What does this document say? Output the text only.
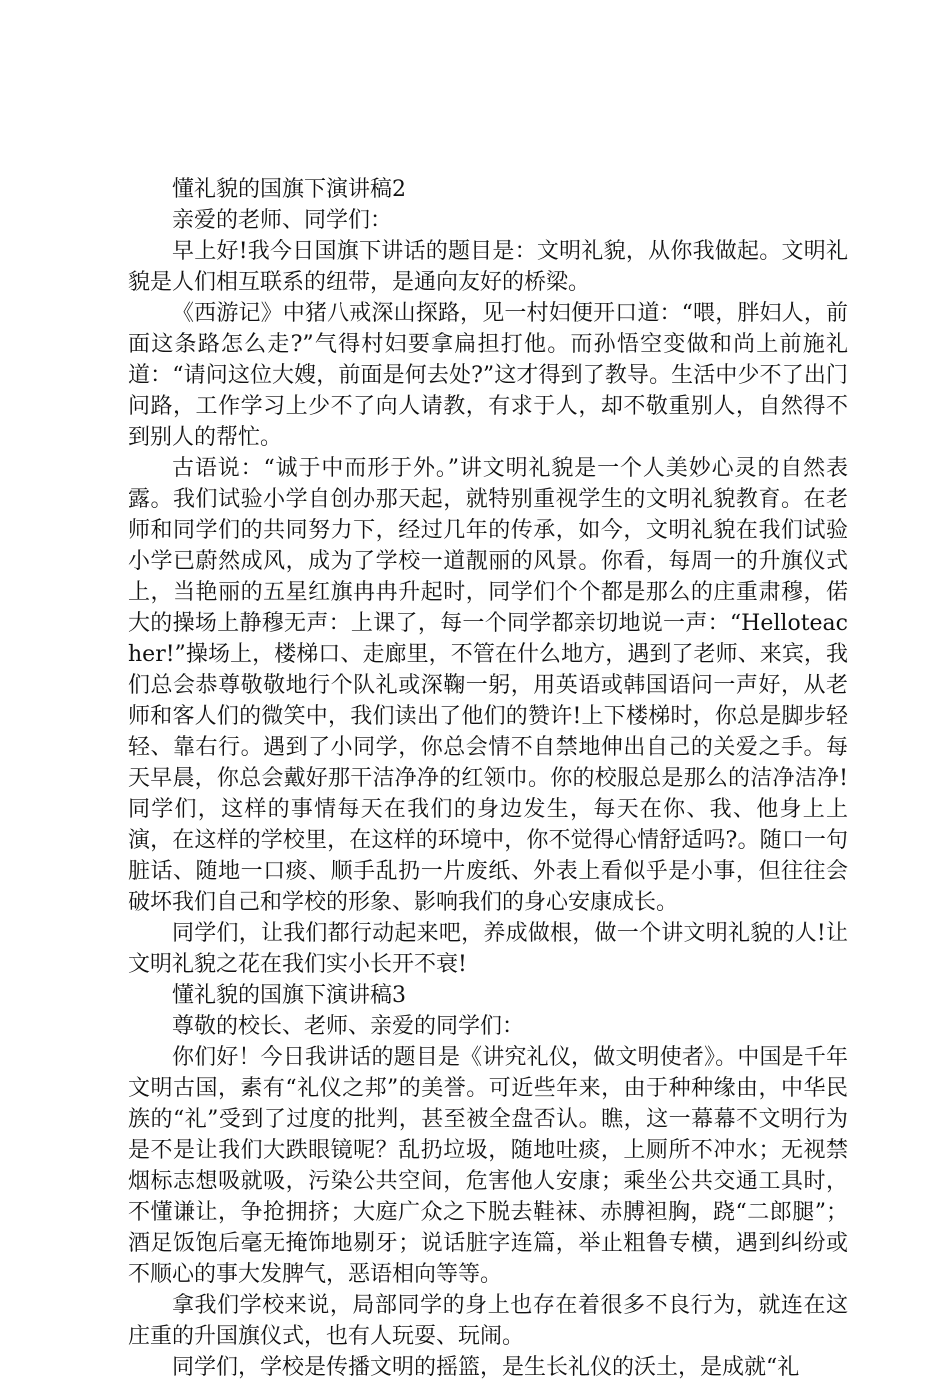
懂礼貌的国旗下演讲稿2

亲爱的老师、同学们：

早上好!我今日国旗下讲话的题目是：文明礼貌，从你我做起。文明礼貌是人们相互联系的纽带，是通向友好的桥梁。

《西游记》中猪八戒深山探路，见一村妇便开口道：“喂，胖妇人，前面这条路怎么走?”气得村妇要拿扁担打他。而孙悟空变做和尚上前施礼道：“请问这位大嫂，前面是何去处?”这才得到了教导。生活中少不了出门问路，工作学习上少不了向人请教，有求于人，却不敬重别人，自然得不到别人的帮忙。

古语说：“诚于中而形于外。”讲文明礼貌是一个人美妙心灵的自然表露。我们试验小学自创办那天起，就特别重视学生的文明礼貌教育。在老师和同学们的共同努力下，经过几年的传承，如今，文明礼貌在我们试验小学已蔚然成风，成为了学校一道靓丽的风景。你看，每周一的升旗仪式上，当艳丽的五星红旗冉冉升起时，同学们个个都是那么的庄重肃穆，偌大的操场上静穆无声：上课了，每一个同学都亲切地说一声：“Helloteacher!”操场上，楼梯口、走廊里，不管在什么地方，遇到了老师、来宾，我们总会恭尊敬敬地行个队礼或深鞠一躬，用英语或韩国语问一声好，从老师和客人们的微笑中，我们读出了他们的赞许!上下楼梯时，你总是脚步轻轻、靠右行。遇到了小同学，你总会情不自禁地伸出自己的关爱之手。每天早晨，你总会戴好那干洁净净的红领巾。你的校服总是那么的洁净洁净!同学们，这样的事情每天在我们的身边发生，每天在你、我、他身上上演，在这样的学校里，在这样的环境中，你不觉得心情舒适吗?。随口一句脏话、随地一口痰、顺手乱扔一片废纸、外表上看似乎是小事，但往往会破坏我们自己和学校的形象、影响我们的身心安康成长。

同学们，让我们都行动起来吧，养成做根，做一个讲文明礼貌的人!让文明礼貌之花在我们实小长开不衰!

懂礼貌的国旗下演讲稿3

尊敬的校长、老师、亲爱的同学们：

你们好！今日我讲话的题目是《讲究礼仪，做文明使者》。中国是千年文明古国，素有“礼仪之邦”的美誉。可近些年来，由于种种缘由，中华民族的“礼”受到了过度的批判，甚至被全盘否认。瞧，这一幕幕不文明行为是不是让我们大跌眼镜呢？乱扔垃圾，随地吐痰，上厕所不冲水；无视禁烟标志想吸就吸，污染公共空间，危害他人安康；乘坐公共交通工具时，不懂谦让，争抢拥挤；大庭广众之下脱去鞋袜、赤膊袒胸，跷“二郎腿”；酒足饭饱后毫无掩饰地剔牙；说话脏字连篇，举止粗鲁专横，遇到纠纷或不顺心的事大发脾气，恶语相向等等。

拿我们学校来说，局部同学的身上也存在着很多不良行为，就连在这庄重的升国旗仪式，也有人玩耍、玩闹。

同学们，学校是传播文明的摇篮，是生长礼仪的沃土，是成就“礼
